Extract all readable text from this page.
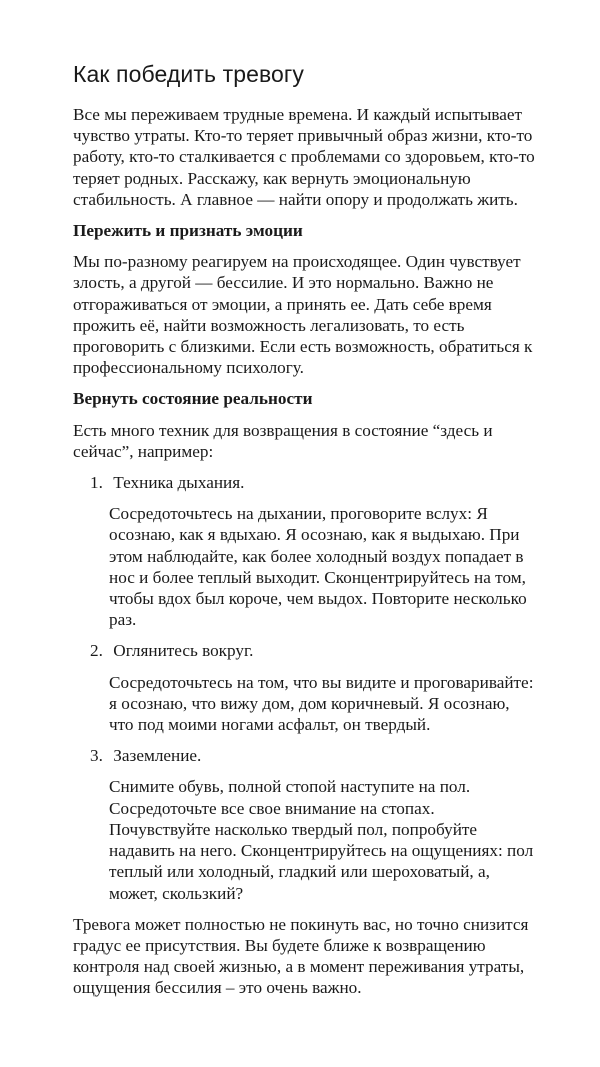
Как победить тревогу

Все мы переживаем трудные времена. И каждый испытывает чувство утраты. Кто-то теряет привычный образ жизни, кто-то работу, кто-то сталкивается с проблемами со здоровьем, кто-то теряет родных. Расскажу, как вернуть эмоциональную стабильность. А главное — найти опору и продолжать жить.

Пережить и признать эмоции

Мы по-разному реагируем на происходящее. Один чувствует злость, а другой — бессилие. И это нормально. Важно не отгораживаться от эмоции, а принять ее. Дать себе время прожить её, найти возможность легализовать, то есть проговорить с близкими. Если есть возможность, обратиться к профессиональному психологу.

Вернуть состояние реальности

Есть много техник для возвращения в состояние “здесь и сейчас”, например:

1. Техника дыхания.

Сосредоточьтесь на дыхании, проговорите вслух: Я осознаю, как я вдыхаю. Я осознаю, как я выдыхаю. При этом наблюдайте, как более холодный воздух попадает в нос и более теплый выходит. Сконцентрируйтесь на том, чтобы вдох был короче, чем выдох. Повторите несколько раз.

2. Оглянитесь вокруг.

Сосредоточьтесь на том, что вы видите и проговаривайте: я осознаю, что вижу дом, дом коричневый. Я осознаю, что под моими ногами асфальт, он твердый.

3. Заземление.

Снимите обувь, полной стопой наступите на пол. Сосредоточьте все свое внимание на стопах. Почувствуйте насколько твердый пол, попробуйте надавить на него. Сконцентрируйтесь на ощущениях: пол теплый или холодный, гладкий или шероховатый, а, может, скользкий?

Тревога может полностью не покинуть вас, но точно снизится градус ее присутствия. Вы будете ближе к возвращению контроля над своей жизнью, а в момент переживания утраты, ощущения бессилия – это очень важно.
